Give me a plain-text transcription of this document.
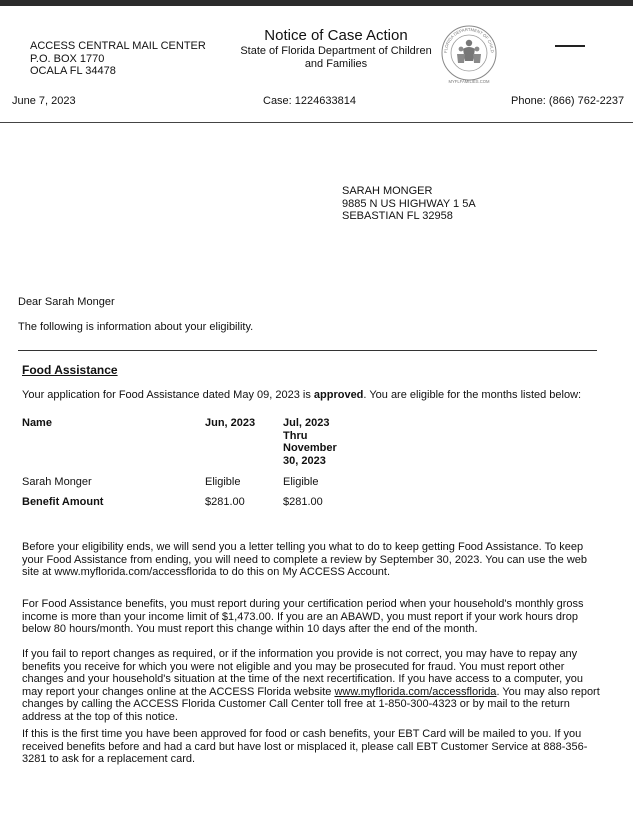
ACCESS CENTRAL MAIL CENTER
P.O. BOX 1770
OCALA FL 34478
Notice of Case Action
State of Florida Department of Children and Families
FLORIDA DEPARTMENT OF CHILD
MYFLFAMILIES.COM
June 7, 2023	Case: 1224633814	Phone: (866) 762-2237
SARAH MONGER
9885 N US HIGHWAY 1 5A
SEBASTIAN FL 32958
Dear Sarah Monger
The following is information about your eligibility.
Food Assistance
Your application for Food Assistance dated May 09, 2023 is approved. You are eligible for the months listed below:
Name	Jun, 2023	Jul, 2023
Thru
November
30, 2023
Sarah Monger	Eligible	Eligible
Benefit Amount	$281.00	$281.00
Before your eligibility ends, we will send you a letter telling you what to do to keep getting Food Assistance. To keep your Food Assistance from ending, you will need to complete a review by September 30, 2023. You can use the web site at www.myflorida.com/accessflorida to do this on My ACCESS Account.
For Food Assistance benefits, you must report during your certification period when your household's monthly gross income is more than your income limit of $1,473.00. If you are an ABAWD, you must report if your work hours drop below 80 hours/month. You must report this change within 10 days after the end of the month.
If you fail to report changes as required, or if the information you provide is not correct, you may have to repay any benefits you receive for which you were not eligible and you may be prosecuted for fraud. You must report other changes and your household's situation at the time of the next recertification. If you have access to a computer, you may report your changes online at the ACCESS Florida website www.myflorida.com/accessflorida. You may also report changes by calling the ACCESS Florida Customer Call Center toll free at 1-850-300-4323 or by mail to the return address at the top of this notice.
If this is the first time you have been approved for food or cash benefits, your EBT Card will be mailed to you. If you received benefits before and had a card but have lost or misplaced it, please call EBT Customer Service at 888-356-3281 to ask for a replacement card.
